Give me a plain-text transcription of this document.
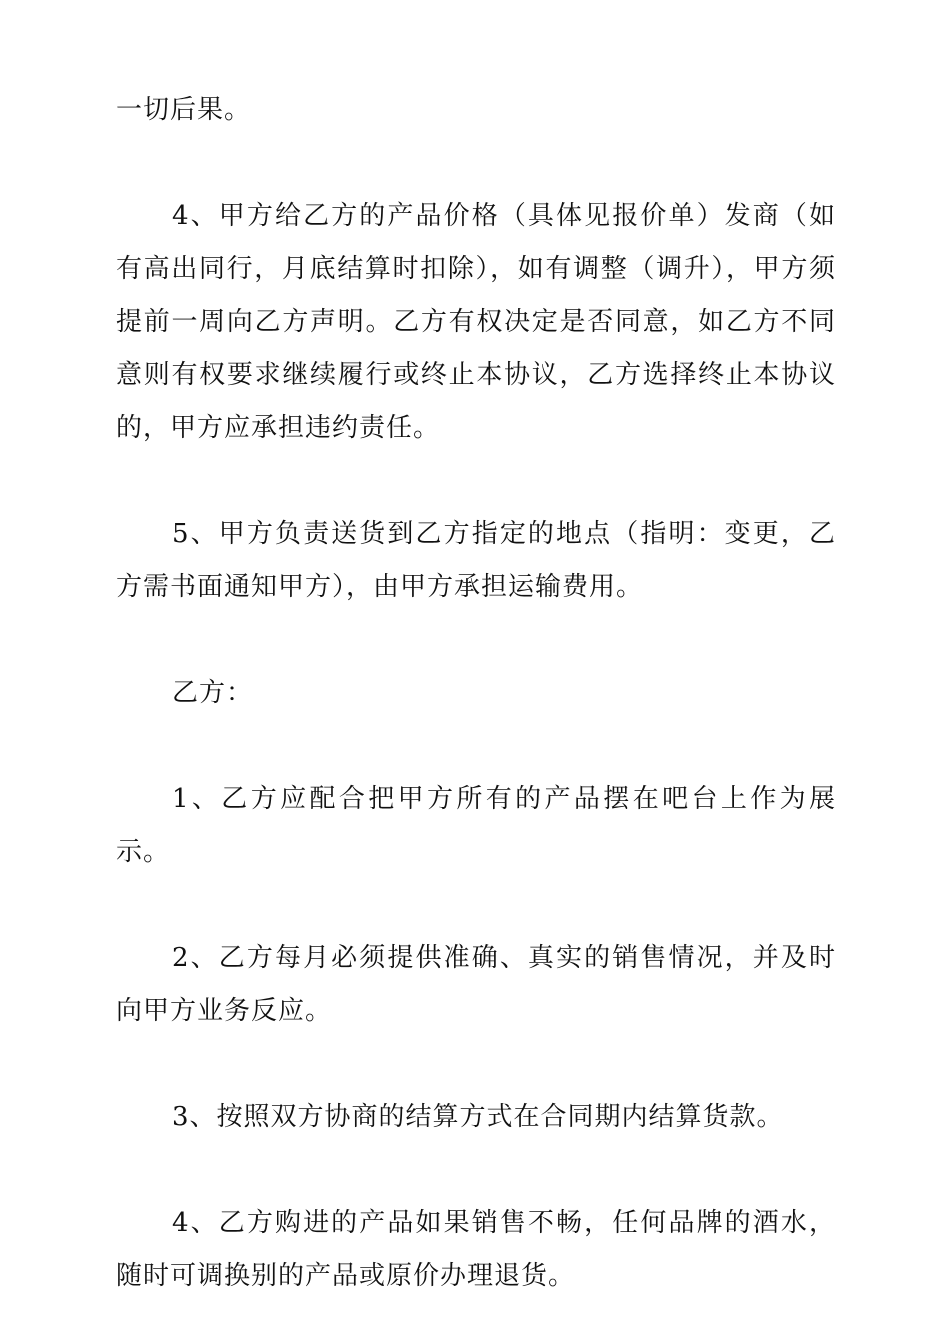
一切后果。

4、甲方给乙方的产品价格（具体见报价单）发商（如有高出同行，月底结算时扣除），如有调整（调升），甲方须提前一周向乙方声明。乙方有权决定是否同意，如乙方不同意则有权要求继续履行或终止本协议，乙方选择终止本协议的，甲方应承担违约责任。

5、甲方负责送货到乙方指定的地点（指明：变更，乙方需书面通知甲方），由甲方承担运输费用。

乙方：

1、乙方应配合把甲方所有的产品摆在吧台上作为展示。

2、乙方每月必须提供准确、真实的销售情况，并及时向甲方业务反应。

3、按照双方协商的结算方式在合同期内结算货款。

4、乙方购进的产品如果销售不畅，任何品牌的酒水，随时可调换别的产品或原价办理退货。
